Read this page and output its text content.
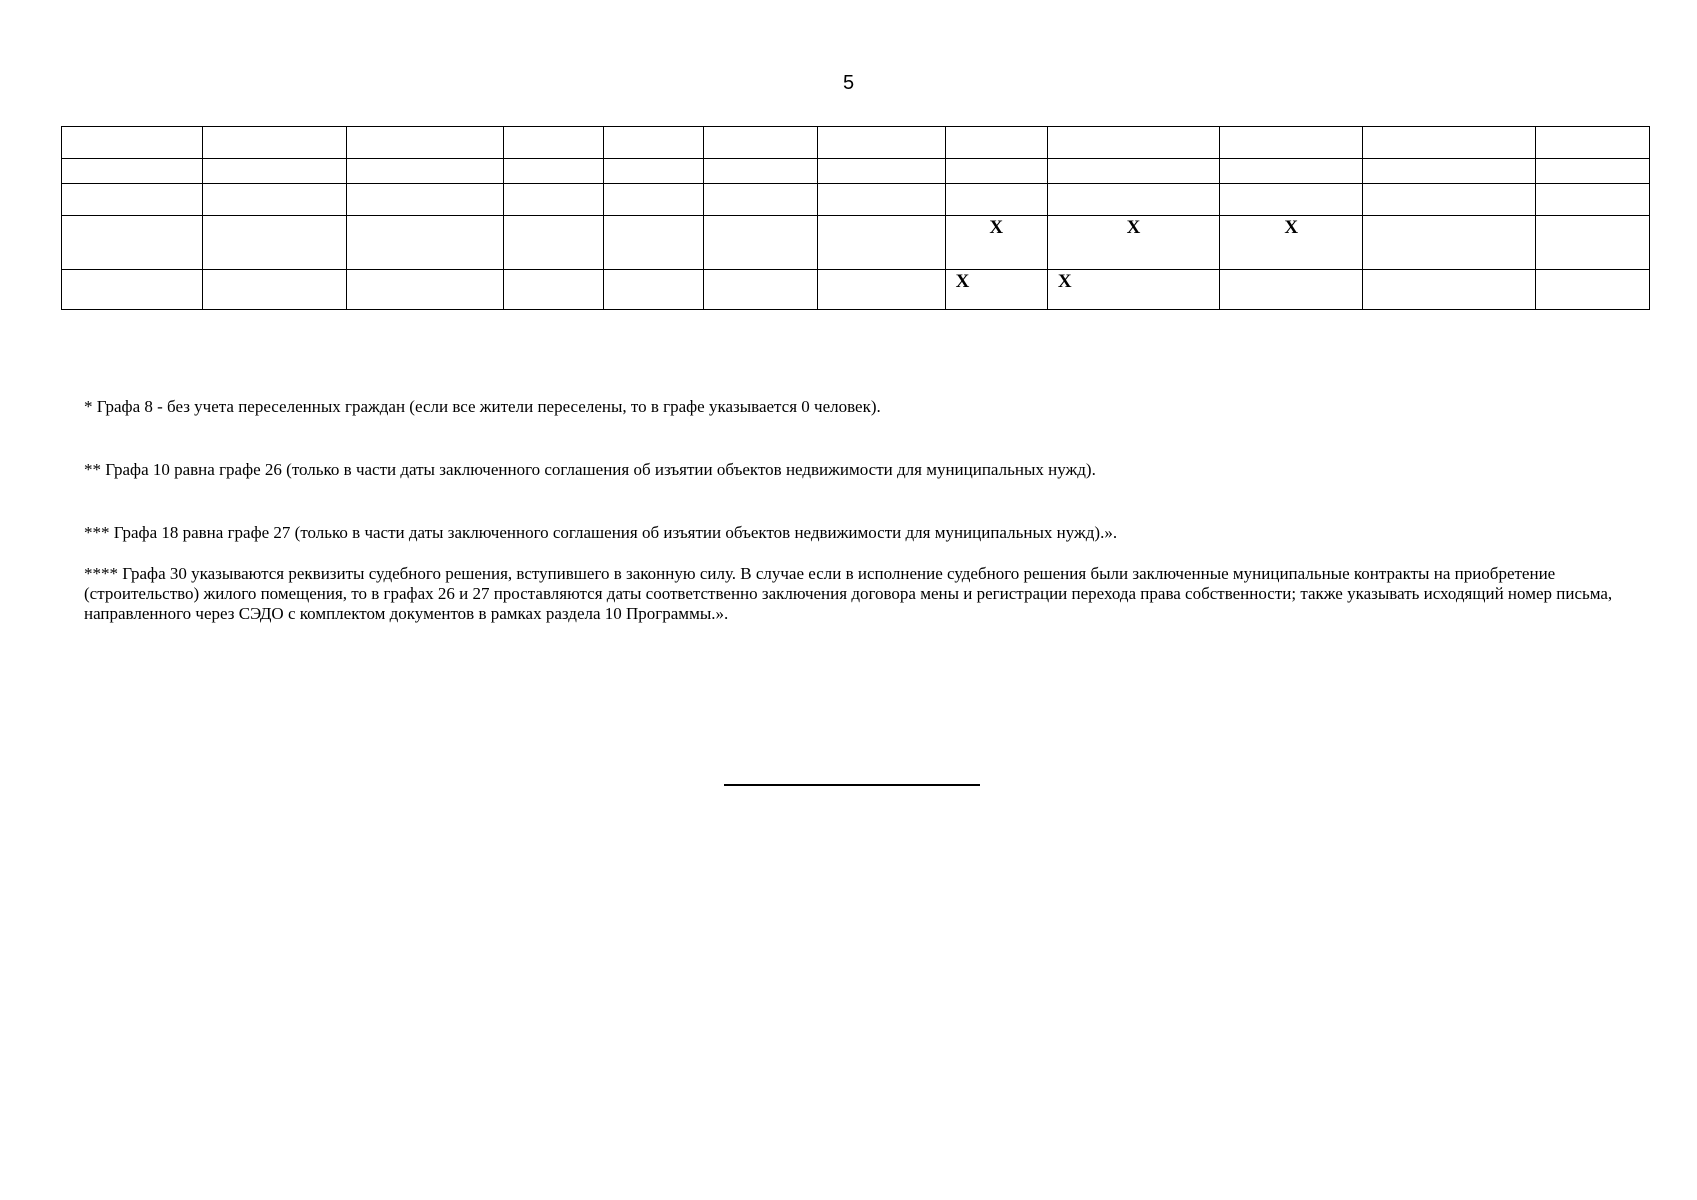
5

							X	X	X		
							X	X			

* Графа 8 - без учета переселенных граждан (если все жители переселены, то в графе указывается 0 человек).

** Графа 10 равна графе 26 (только в части даты заключенного соглашения об изъятии объектов недвижимости для муниципальных нужд).

*** Графа 18 равна графе 27 (только в части даты заключенного соглашения об изъятии объектов недвижимости для муниципальных нужд).».

**** Графа 30 указываются реквизиты судебного решения, вступившего в законную силу. В случае если в исполнение судебного решения были заключенные муниципальные контракты на приобретение (строительство) жилого помещения, то в графах 26 и 27 проставляются даты соответственно заключения договора мены и регистрации перехода права собственности; также указывать исходящий номер письма, направленного через СЭДО с комплектом документов в рамках раздела 10 Программы.».
